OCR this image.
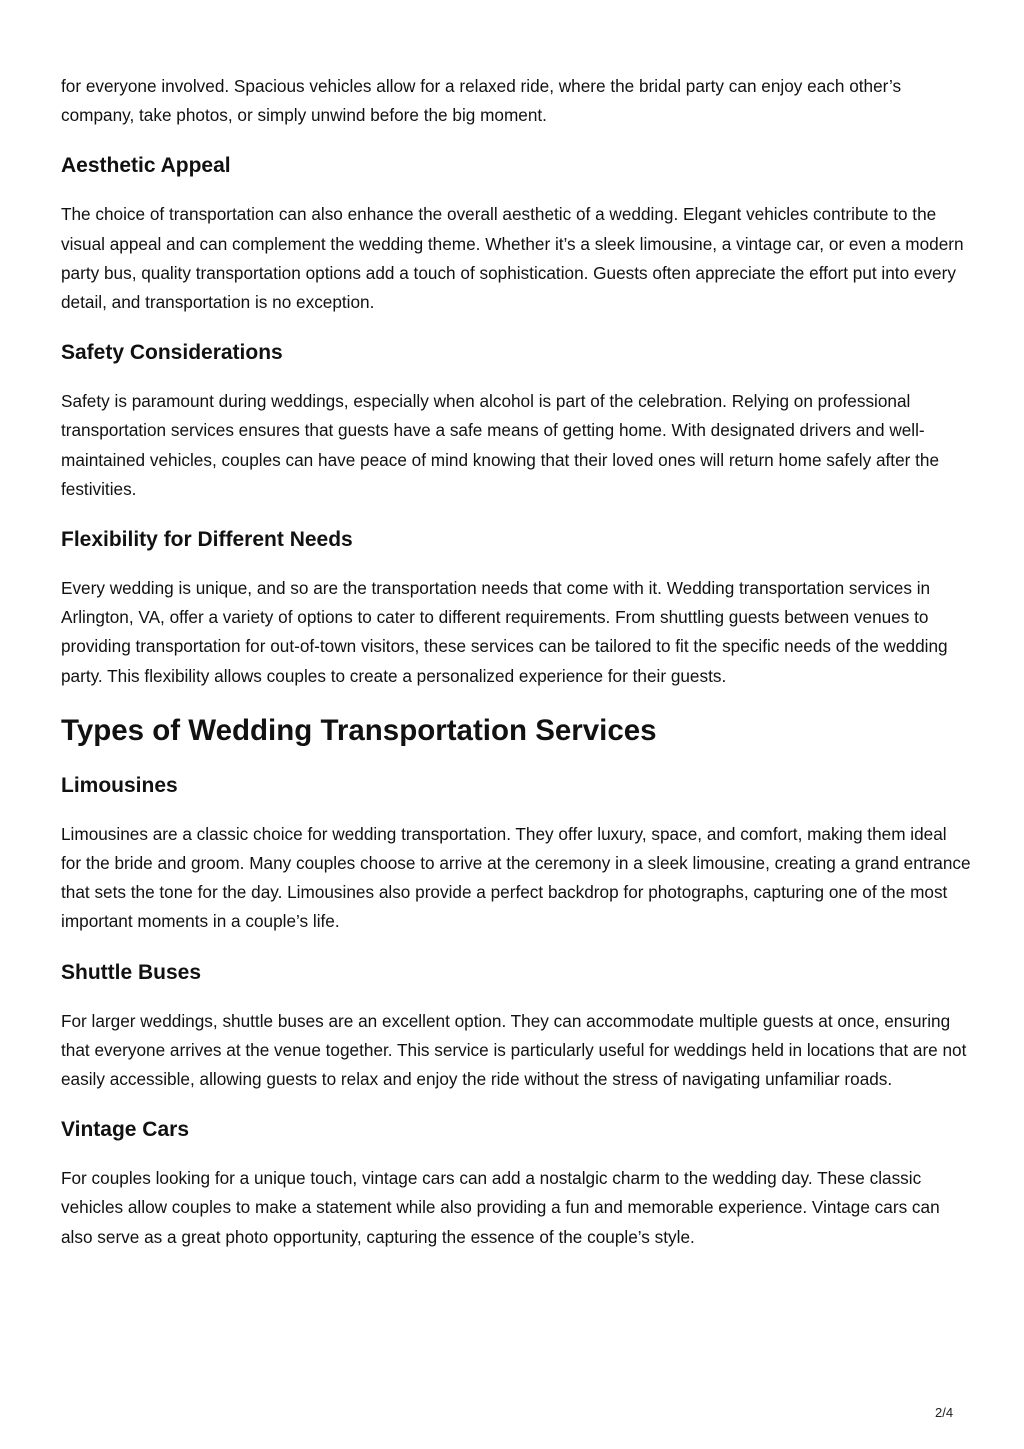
for everyone involved. Spacious vehicles allow for a relaxed ride, where the bridal party can enjoy each other’s company, take photos, or simply unwind before the big moment.

Aesthetic Appeal

The choice of transportation can also enhance the overall aesthetic of a wedding. Elegant vehicles contribute to the visual appeal and can complement the wedding theme. Whether it’s a sleek limousine, a vintage car, or even a modern party bus, quality transportation options add a touch of sophistication. Guests often appreciate the effort put into every detail, and transportation is no exception.

Safety Considerations

Safety is paramount during weddings, especially when alcohol is part of the celebration. Relying on professional transportation services ensures that guests have a safe means of getting home. With designated drivers and well-maintained vehicles, couples can have peace of mind knowing that their loved ones will return home safely after the festivities.

Flexibility for Different Needs

Every wedding is unique, and so are the transportation needs that come with it. Wedding transportation services in Arlington, VA, offer a variety of options to cater to different requirements. From shuttling guests between venues to providing transportation for out-of-town visitors, these services can be tailored to fit the specific needs of the wedding party. This flexibility allows couples to create a personalized experience for their guests.

Types of Wedding Transportation Services
Limousines

Limousines are a classic choice for wedding transportation. They offer luxury, space, and comfort, making them ideal for the bride and groom. Many couples choose to arrive at the ceremony in a sleek limousine, creating a grand entrance that sets the tone for the day. Limousines also provide a perfect backdrop for photographs, capturing one of the most important moments in a couple’s life.

Shuttle Buses

For larger weddings, shuttle buses are an excellent option. They can accommodate multiple guests at once, ensuring that everyone arrives at the venue together. This service is particularly useful for weddings held in locations that are not easily accessible, allowing guests to relax and enjoy the ride without the stress of navigating unfamiliar roads.

Vintage Cars

For couples looking for a unique touch, vintage cars can add a nostalgic charm to the wedding day. These classic vehicles allow couples to make a statement while also providing a fun and memorable experience. Vintage cars can also serve as a great photo opportunity, capturing the essence of the couple’s style.

2/4
